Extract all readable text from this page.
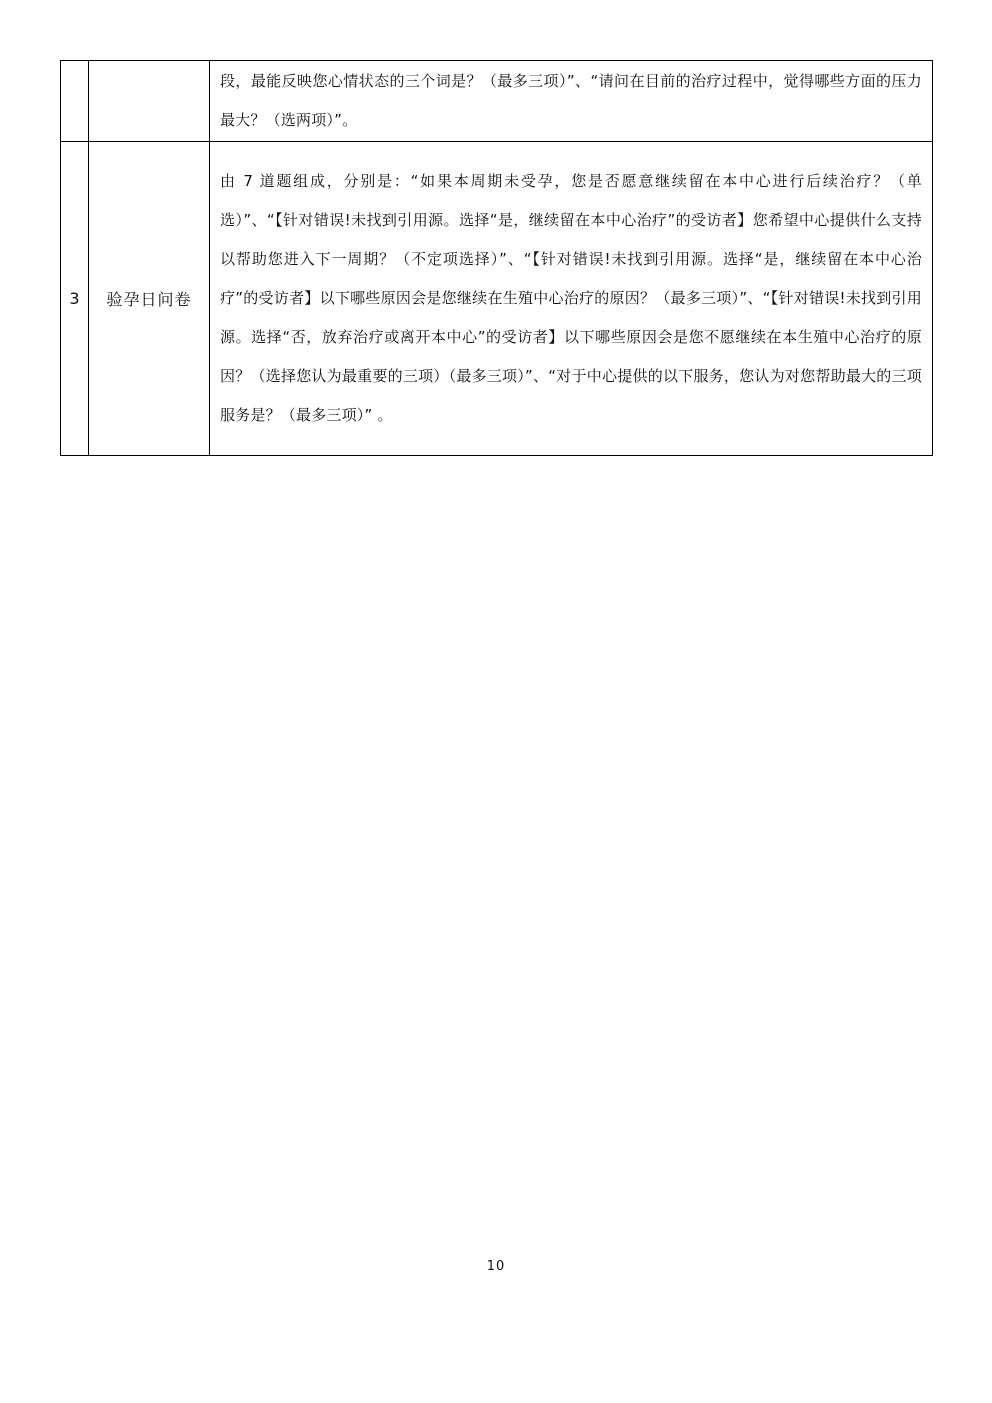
		段，最能反映您心情状态的三个词是？（最多三项）”、“请问在目前的治疗过程中，觉得哪些方面的压力最大？（选两项）”。
3	验孕日问卷	由 7 道题组成，分别是：“如果本周期未受孕，您是否愿意继续留在本中心进行后续治疗？（单选）”、“【针对错误!未找到引用源。选择“是，继续留在本中心治疗”的受访者】您希望中心提供什么支持以帮助您进入下一周期？（不定项选择）”、“【针对错误!未找到引用源。选择“是，继续留在本中心治疗”的受访者】以下哪些原因会是您继续在生殖中心治疗的原因？（最多三项）”、“【针对错误!未找到引用源。选择“否，放弃治疗或离开本中心”的受访者】以下哪些原因会是您不愿继续在本生殖中心治疗的原因？（选择您认为最重要的三项）（最多三项）”、“对于中心提供的以下服务，您认为对您帮助最大的三项服务是？（最多三项）” 。
10
